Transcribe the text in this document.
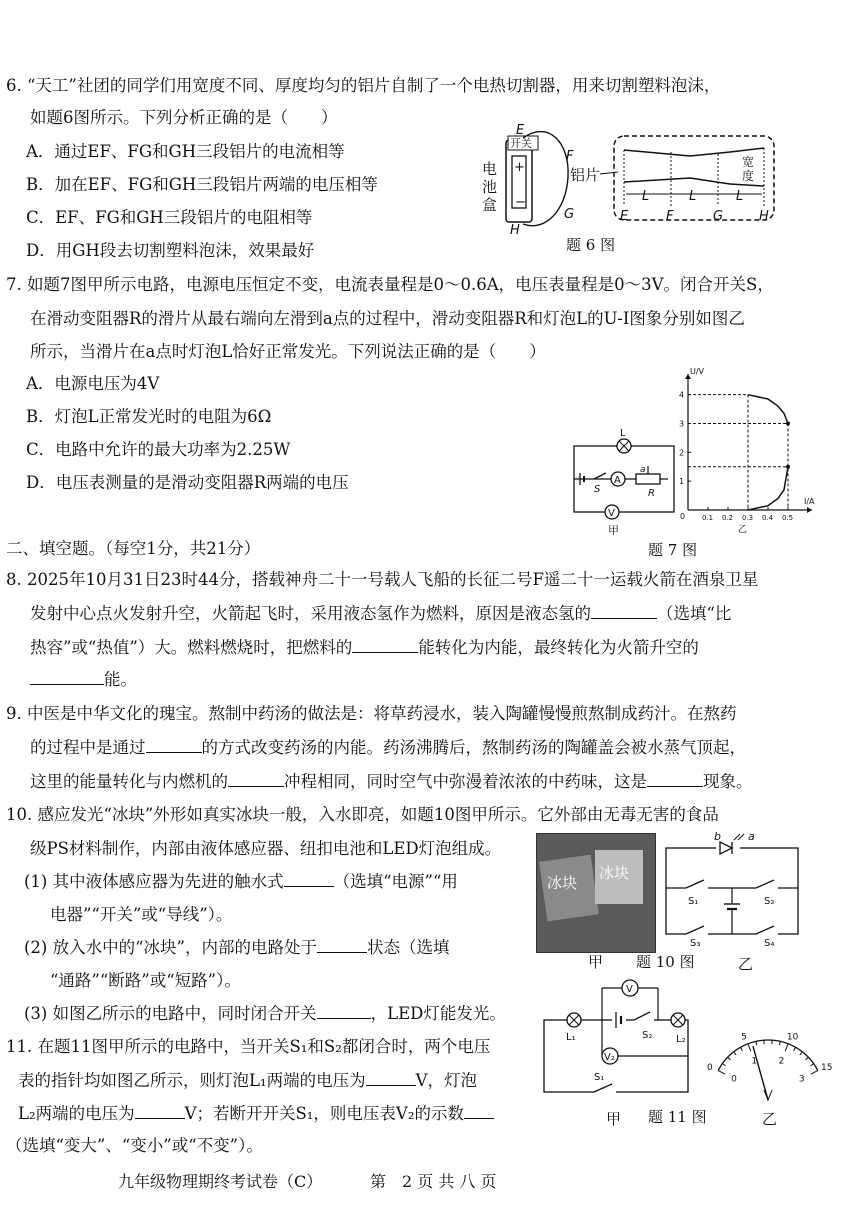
6. “天工”社团的同学们用宽度不同、厚度均匀的铝片自制了一个电热切割器，用来切割塑料泡沫，
如题6图所示。下列分析正确的是（　　）
A．通过EF、FG和GH三段铝片的电流相等
B．加在EF、FG和GH三段铝片两端的电压相等
C．EF、FG和GH三段铝片的电阻相等
D．用GH段去切割塑料泡沫，效果最好
+
−
电
池
盒
开关
E
H
F
G
铝片
L	L	L
宽
度
E	F	G	H
题 6 图
7. 如题7图甲所示电路，电源电压恒定不变，电流表量程是0～0.6A，电压表量程是0～3V。闭合开关S，
在滑动变阻器R的滑片从最右端向左滑到a点的过程中，滑动变阻器R和灯泡L的U-I图象分别如图乙
所示，当滑片在a点时灯泡L恰好正常发光。下列说法正确的是（　　）
A．电源电压为4V
B．灯泡L正常发光时的电阻为6Ω
C．电路中允许的最大功率为2.25W
D．电压表测量的是滑动变阻器R两端的电压
L
S
A
a
R
V
甲
U/V
I/A
0 0.1 0.2 0.3 0.4 0.5
1
2
3
4
乙
题 7 图
二、填空题。（每空1分，共21分）
8. 2025年10月31日23时44分，搭载神舟二十一号载人飞船的长征二号F遥二十一运载火箭在酒泉卫星
发射中心点火发射升空，火箭起飞时，采用液态氢作为燃料，原因是液态氢的	（选填“比
热容”或“热值”）大。燃料燃烧时，把燃料的	能转化为内能，最终转化为火箭升空的
能。
9. 中医是中华文化的瑰宝。熬制中药汤的做法是：将草药浸水，装入陶罐慢慢煎熬制成药汁。在熬药
的过程中是通过	的方式改变药汤的内能。药汤沸腾后，熬制药汤的陶罐盖会被水蒸气顶起，
这里的能量转化与内燃机的	冲程相同，同时空气中弥漫着浓浓的中药味，这是	现象。
10. 感应发光“冰块”外形如真实冰块一般，入水即亮，如题10图甲所示。它外部由无毒无害的食品
级PS材料制作，内部由液体感应器、纽扣电池和LED灯泡组成。
(1) 其中液体感应器为先进的触水式	（选填“电源”“用
电器”“开关”或“导线”）。
(2) 放入水中的“冰块”，内部的电路处于	状态（选填
“通路”“断路”或“短路”）。
(3) 如图乙所示的电路中，同时闭合开关	，LED灯能发光。
冰块
冰块
甲
b a
S₁	S₂
S₃	S₄
题 10 图	乙
11. 在题11图甲所示的电路中，当开关S₁和S₂都闭合时，两个电压
表的指针均如图乙所示，则灯泡L₁两端的电压为	V，灯泡
L₂两端的电压为	V；若断开开关S₁，则电压表V₂的示数
（选填“变大”、“变小”或“不变”）。
V
L₁	S₂ L₂
V₂
S₁
甲 题 11 图
0
5	10
15
0
1 2
3
乙
九年级物理期终考试卷（C）	第　2 页 共 八 页
